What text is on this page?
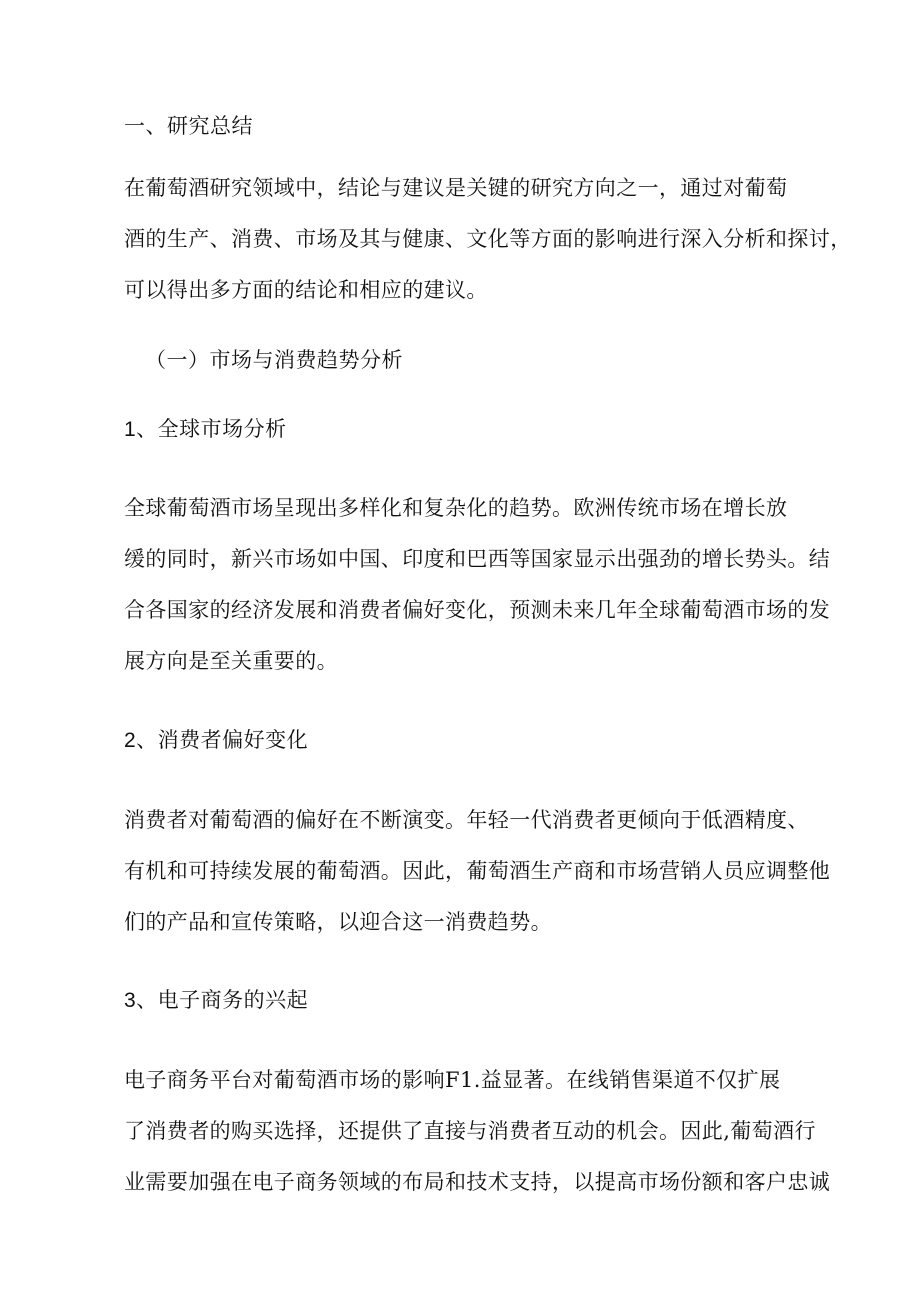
一、研究总结
在葡萄酒研究领域中，结论与建议是关键的研究方向之一，通过对葡萄
酒的生产、消费、市场及其与健康、文化等方面的影响进行深入分析和探讨，
可以得出多方面的结论和相应的建议。
（一）市场与消费趋势分析
1、全球市场分析
全球葡萄酒市场呈现出多样化和复杂化的趋势。欧洲传统市场在增长放
缓的同时，新兴市场如中国、印度和巴西等国家显示出强劲的增长势头。结
合各国家的经济发展和消费者偏好变化，预测未来几年全球葡萄酒市场的发
展方向是至关重要的。
2、消费者偏好变化
消费者对葡萄酒的偏好在不断演变。年轻一代消费者更倾向于低酒精度、
有机和可持续发展的葡萄酒。因此，葡萄酒生产商和市场营销人员应调整他
们的产品和宣传策略，以迎合这一消费趋势。
3、电子商务的兴起
电子商务平台对葡萄酒市场的影响F1.益显著。在线销售渠道不仅扩展
了消费者的购买选择，还提供了直接与消费者互动的机会。因此,葡萄酒行
业需要加强在电子商务领域的布局和技术支持，以提高市场份额和客户忠诚
